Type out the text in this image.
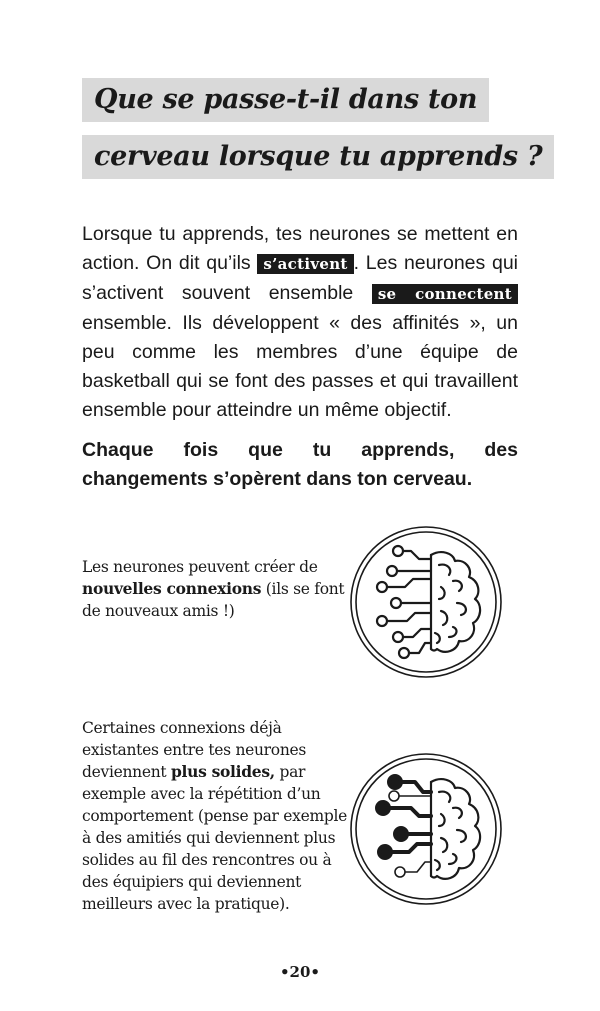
Que se passe-t-il dans ton
cerveau lorsque tu apprends ?

Lorsque tu apprends, tes neurones se mettent en action. On dit qu’ils s’activent . Les neurones qui s’activent souvent ensemble se connectent ensemble. Ils développent « des affinités », un peu comme les membres d’une équipe de basketball qui se font des passes et qui travaillent ensemble pour atteindre un même objectif.

Chaque fois que tu apprends, des changements s’opèrent dans ton cerveau.

Les neurones peuvent créer de nouvelles connexions (ils se font de nouveaux amis !)

Certaines connexions déjà existantes entre tes neurones deviennent plus solides, par exemple avec la répétition d’un comportement (pense par exemple à des amitiés qui deviennent plus solides au fil des rencontres ou à des équipiers qui deviennent meilleurs avec la pratique).

•20•
